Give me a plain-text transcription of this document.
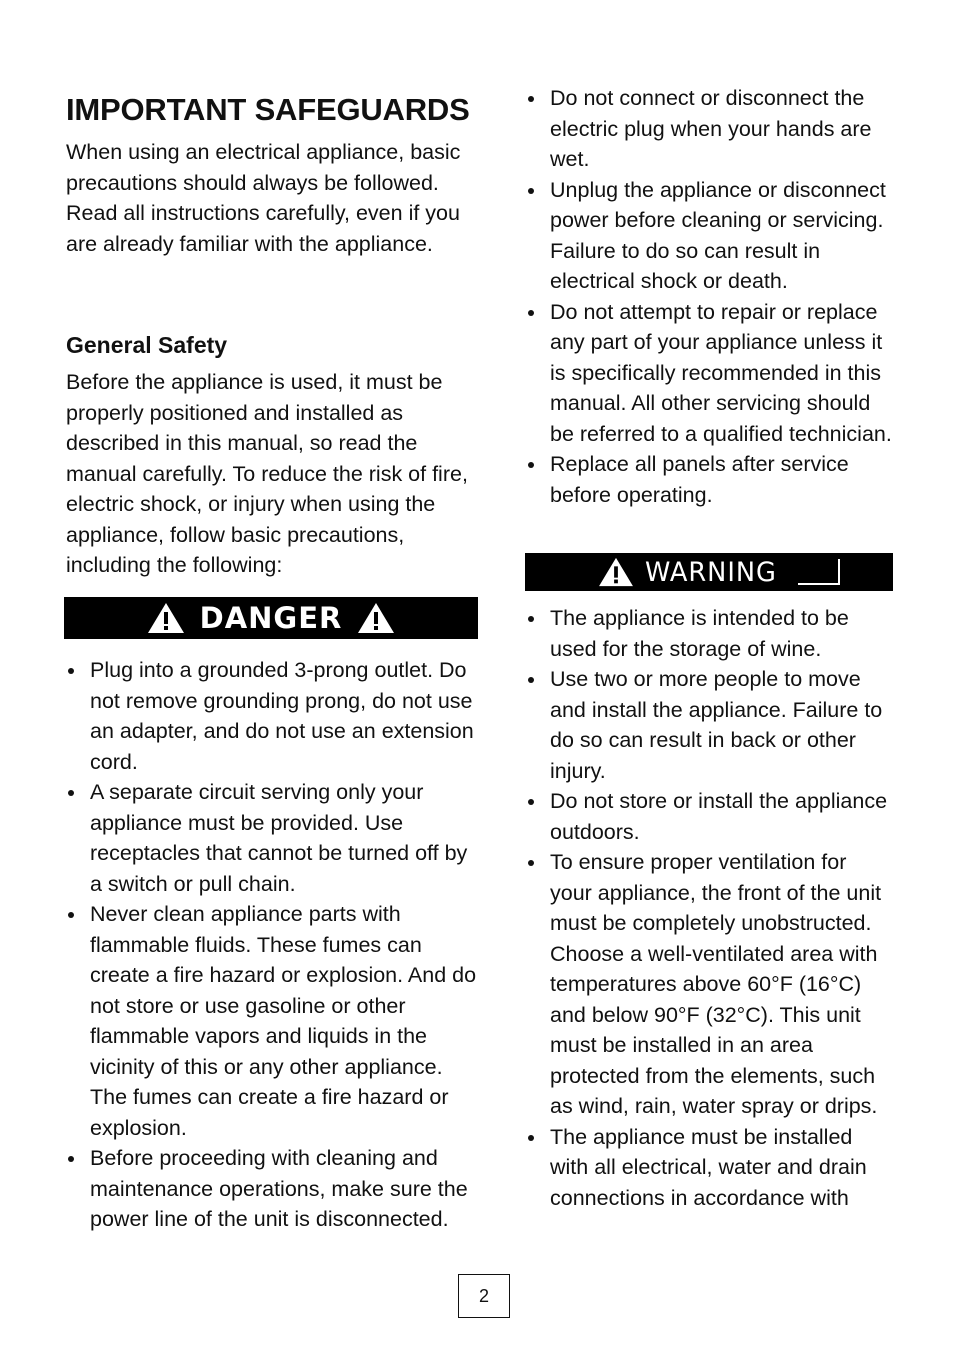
IMPORTANT SAFEGUARDS

When using an electrical appliance, basic precautions should always be followed. Read all instructions carefully, even if you are already familiar with the appliance.

General Safety

Before the appliance is used, it must be properly positioned and installed as described in this manual, so read the manual carefully. To reduce the risk of fire, electric shock, or injury when using the appliance, follow basic precautions, including the following:

DANGER
Plug into a grounded 3-prong outlet. Do not remove grounding prong, do not use an adapter, and do not use an extension cord.
A separate circuit serving only your appliance must be provided. Use receptacles that cannot be turned off by a switch or pull chain.
Never clean appliance parts with flammable fluids. These fumes can create a fire hazard or explosion. And do not store or use gasoline or other flammable vapors and liquids in the vicinity of this or any other appliance. The fumes can create a fire hazard or explosion.
Before proceeding with cleaning and maintenance operations, make sure the power line of the unit is disconnected.
Do not connect or disconnect the electric plug when your hands are wet.
Unplug the appliance or disconnect power before cleaning or servicing. Failure to do so can result in electrical shock or death.
Do not attempt to repair or replace any part of your appliance unless it is specifically recommended in this manual. All other servicing should be referred to a qualified technician.
Replace all panels after service before operating.
WARNING
The appliance is intended to be used for the storage of wine.
Use two or more people to move and install the appliance. Failure to do so can result in back or other injury.
Do not store or install the appliance outdoors.
To ensure proper ventilation for your appliance, the front of the unit must be completely unobstructed. Choose a well-ventilated area with temperatures above 60°F (16°C) and below 90°F (32°C). This unit must be installed in an area protected from the elements, such as wind, rain, water spray or drips.
The appliance must be installed with all electrical, water and drain connections in accordance with
2
